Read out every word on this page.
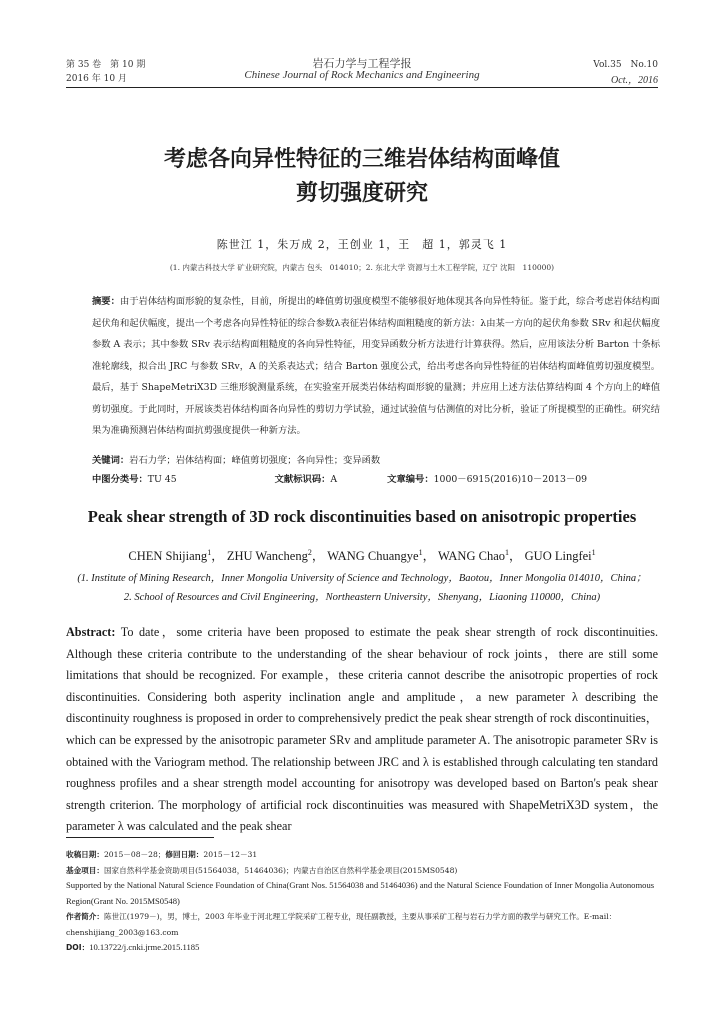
第 35 卷　第 10 期	岩石力学与工程学报	Vol.35　No.10
2016 年 10 月	Chinese Journal of Rock Mechanics and Engineering	Oct.，2016
考虑各向异性特征的三维岩体结构面峰值
剪切强度研究
陈世江 1，朱万成 2，王创业 1，王　超 1，郭灵飞 1
(1. 内蒙古科技大学 矿业研究院，内蒙古 包头　014010；2. 东北大学 资源与土木工程学院，辽宁 沈阳　110000)
摘要：由于岩体结构面形貌的复杂性，目前，所提出的峰值剪切强度模型不能够很好地体现其各向异性特征。鉴于此，综合考虑岩体结构面起伏角和起伏幅度，提出一个考虑各向异性特征的综合参数λ表征岩体结构面粗糙度的新方法：λ由某一方向的起伏角参数 SRv 和起伏幅度参数 A 表示；其中参数 SRv 表示结构面粗糙度的各向异性特征，用变异函数分析方法进行计算获得。然后，应用该法分析 Barton 十条标准轮廓线，拟合出 JRC 与参数 SRv，A 的关系表达式；结合 Barton 强度公式，给出考虑各向异性特征的岩体结构面峰值剪切强度模型。最后，基于 ShapeMetriX3D 三维形貌测量系统，在实验室开展类岩体结构面形貌的量测；并应用上述方法估算结构面 4 个方向上的峰值剪切强度。于此同时，开展该类岩体结构面各向异性的剪切力学试验，通过试验值与估测值的对比分析，验证了所提模型的正确性。研究结果为准确预测岩体结构面抗剪强度提供一种新方法。
关键词：岩石力学；岩体结构面；峰值剪切强度；各向异性；变异函数
中图分类号：TU 45	文献标识码：A	文章编号：1000－6915(2016)10－2013－09
Peak shear strength of 3D rock discontinuities based on anisotropic properties
CHEN Shijiang$^1$， ZHU Wancheng$^2$， WANG Chuangye$^1$， WANG Chao$^1$， GUO Lingfei$^1$
(1. Institute of Mining Research，Inner Mongolia University of Science and Technology，Baotou，Inner Mongolia 014010，China；
2. School of Resources and Civil Engineering，Northeastern University，Shenyang，Liaoning 110000，China)
Abstract: To date，some criteria have been proposed to estimate the peak shear strength of rock discontinuities. Although these criteria contribute to the understanding of the shear behaviour of rock joints，there are still some limitations that should be recognized. For example，these criteria cannot describe the anisotropic properties of rock discontinuities. Considering both asperity inclination angle and amplitude，a new parameter λ describing the discontinuity roughness is proposed in order to comprehensively predict the peak shear strength of rock discontinuities，which can be expressed by the anisotropic parameter SRv and amplitude parameter A. The anisotropic parameter SRv is obtained with the Variogram method. The relationship between JRC and λ is established through calculating ten standard roughness profiles and a shear strength model accounting for anisotropy was developed based on Barton's peak shear strength criterion. The morphology of artificial rock discontinuities was measured with ShapeMetriX3D system，the parameter λ was calculated and the peak shear
收稿日期：2015－08－28；修回日期：2015－12－31
基金项目：国家自然科学基金资助项目(51564038，51464036)；内蒙古自治区自然科学基金项目(2015MS0548)
Supported by the National Natural Science Foundation of China(Grant Nos. 51564038 and 51464036) and the Natural Science Foundation of Inner Mongolia Autonomous Region(Grant No. 2015MS0548)
作者简介：陈世江(1979－)，男，博士，2003 年毕业于河北理工学院采矿工程专业，现任副教授，主要从事采矿工程与岩石力学方面的教学与研究工作。E-mail：chenshijiang_2003@163.com
DOI：10.13722/j.cnki.jrme.2015.1185
